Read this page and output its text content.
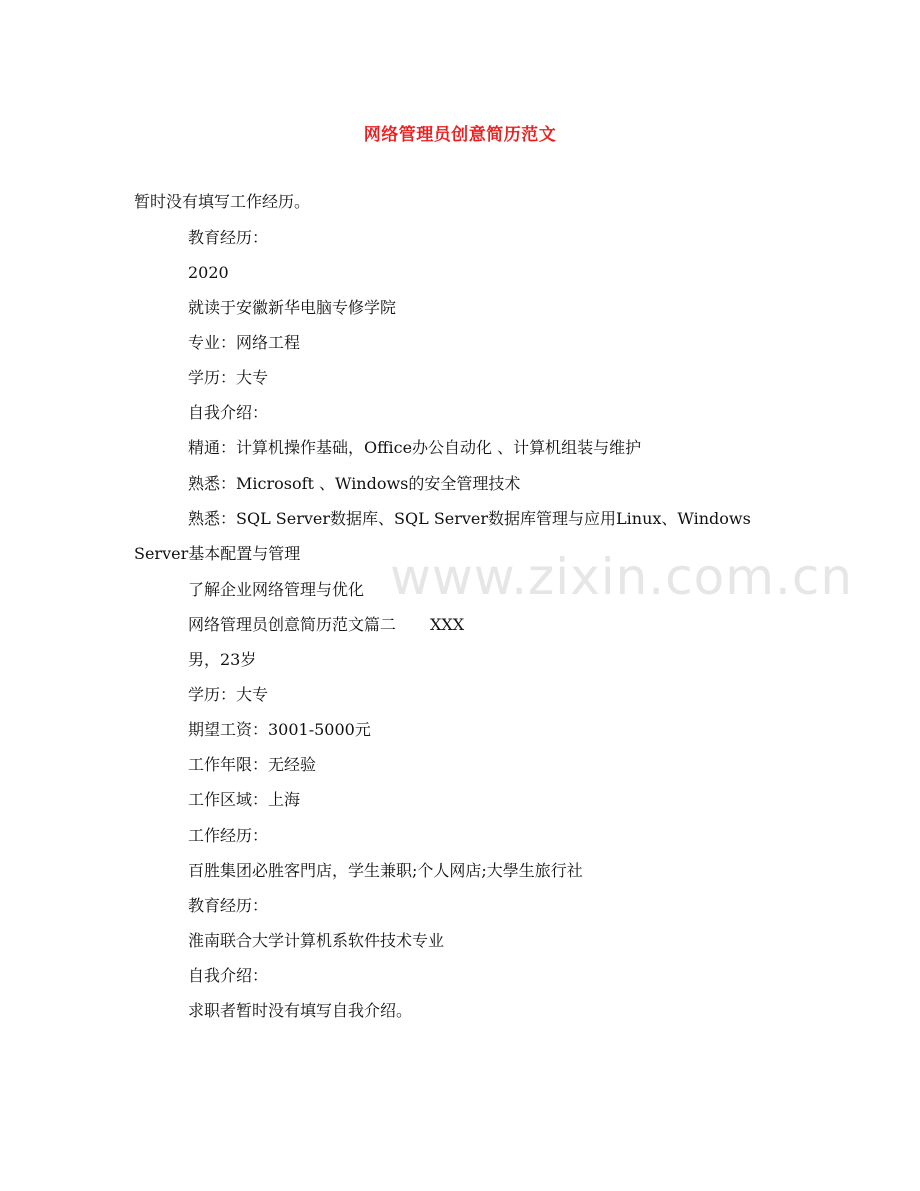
www.zixin.com.cn
网络管理员创意简历范文
暂时没有填写工作经历。
教育经历：
2020
就读于安徽新华电脑专修学院
专业：网络工程
学历：大专
自我介绍：
精通：计算机操作基础，Office办公自动化 、计算机组装与维护
熟悉：Microsoft 、Windows的安全管理技术
熟悉：SQL Server数据库、SQL Server数据库管理与应用Linux、Windows
Server基本配置与管理
了解企业网络管理与优化
网络管理员创意简历范文篇二 XXX
男，23岁
学历：大专
期望工资：3001-5000元
工作年限：无经验
工作区域：上海
工作经历：
百胜集团必胜客門店，学生兼职;个人网店;大學生旅行社
教育经历：
淮南联合大学计算机系软件技术专业
自我介绍：
求职者暂时没有填写自我介绍。
